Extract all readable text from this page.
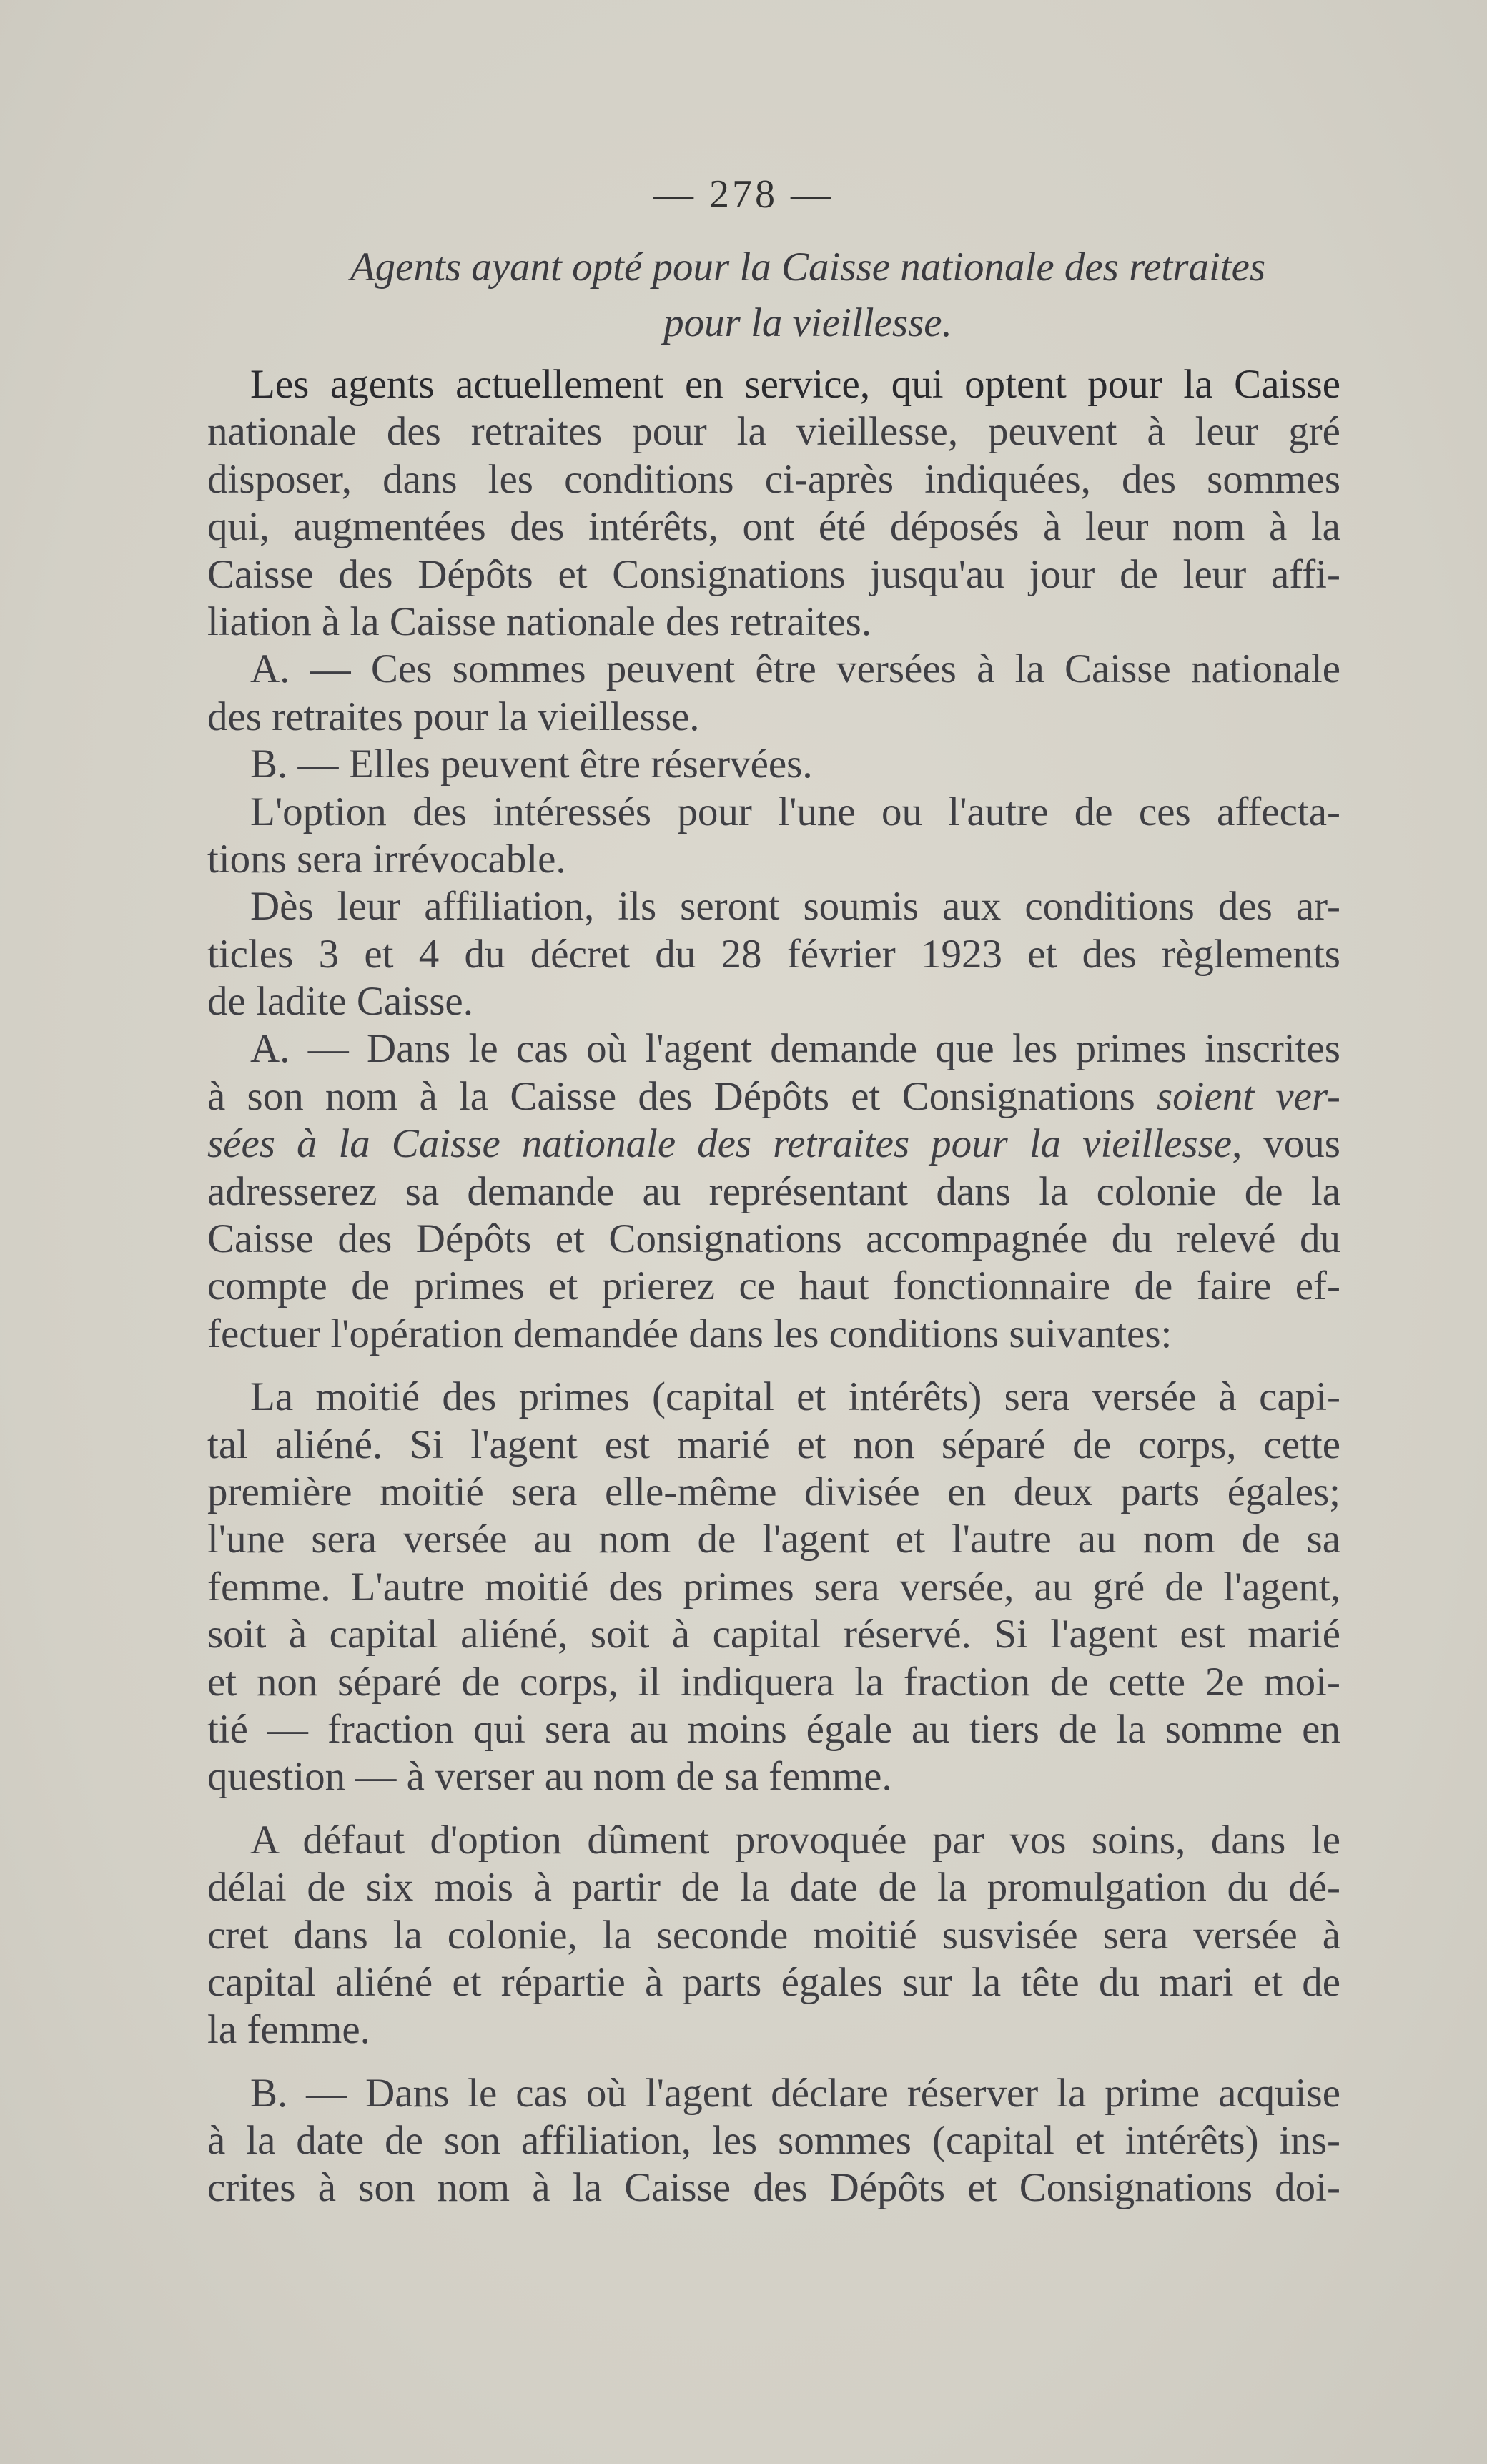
— 278 —
Agents ayant opté pour la Caisse nationale des retraites
pour la vieillesse.
Les agents actuellement en service, qui optent pour la Caisse
nationale des retraites pour la vieillesse, peuvent à leur gré
disposer, dans les conditions ci-après indiquées, des sommes
qui, augmentées des intérêts, ont été déposés à leur nom à la
Caisse des Dépôts et Consignations jusqu'au jour de leur affi-
liation à la Caisse nationale des retraites.
A. — Ces sommes peuvent être versées à la Caisse nationale
des retraites pour la vieillesse.
B. — Elles peuvent être réservées.
L'option des intéressés pour l'une ou l'autre de ces affecta-
tions sera irrévocable.
Dès leur affiliation, ils seront soumis aux conditions des ar-
ticles 3 et 4 du décret du 28 février 1923 et des règlements
de ladite Caisse.
A. — Dans le cas où l'agent demande que les primes inscrites
à son nom à la Caisse des Dépôts et Consignations soient ver-
sées à la Caisse nationale des retraites pour la vieillesse, vous
adresserez sa demande au représentant dans la colonie de la
Caisse des Dépôts et Consignations accompagnée du relevé du
compte de primes et prierez ce haut fonctionnaire de faire ef-
fectuer l'opération demandée dans les conditions suivantes:
La moitié des primes (capital et intérêts) sera versée à capi-
tal aliéné. Si l'agent est marié et non séparé de corps, cette
première moitié sera elle-même divisée en deux parts égales;
l'une sera versée au nom de l'agent et l'autre au nom de sa
femme. L'autre moitié des primes sera versée, au gré de l'agent,
soit à capital aliéné, soit à capital réservé. Si l'agent est marié
et non séparé de corps, il indiquera la fraction de cette 2e moi-
tié — fraction qui sera au moins égale au tiers de la somme en
question — à verser au nom de sa femme.
A défaut d'option dûment provoquée par vos soins, dans le
délai de six mois à partir de la date de la promulgation du dé-
cret dans la colonie, la seconde moitié susvisée sera versée à
capital aliéné et répartie à parts égales sur la tête du mari et de
la femme.
B. — Dans le cas où l'agent déclare réserver la prime acquise
à la date de son affiliation, les sommes (capital et intérêts) ins-
crites à son nom à la Caisse des Dépôts et Consignations doi-
